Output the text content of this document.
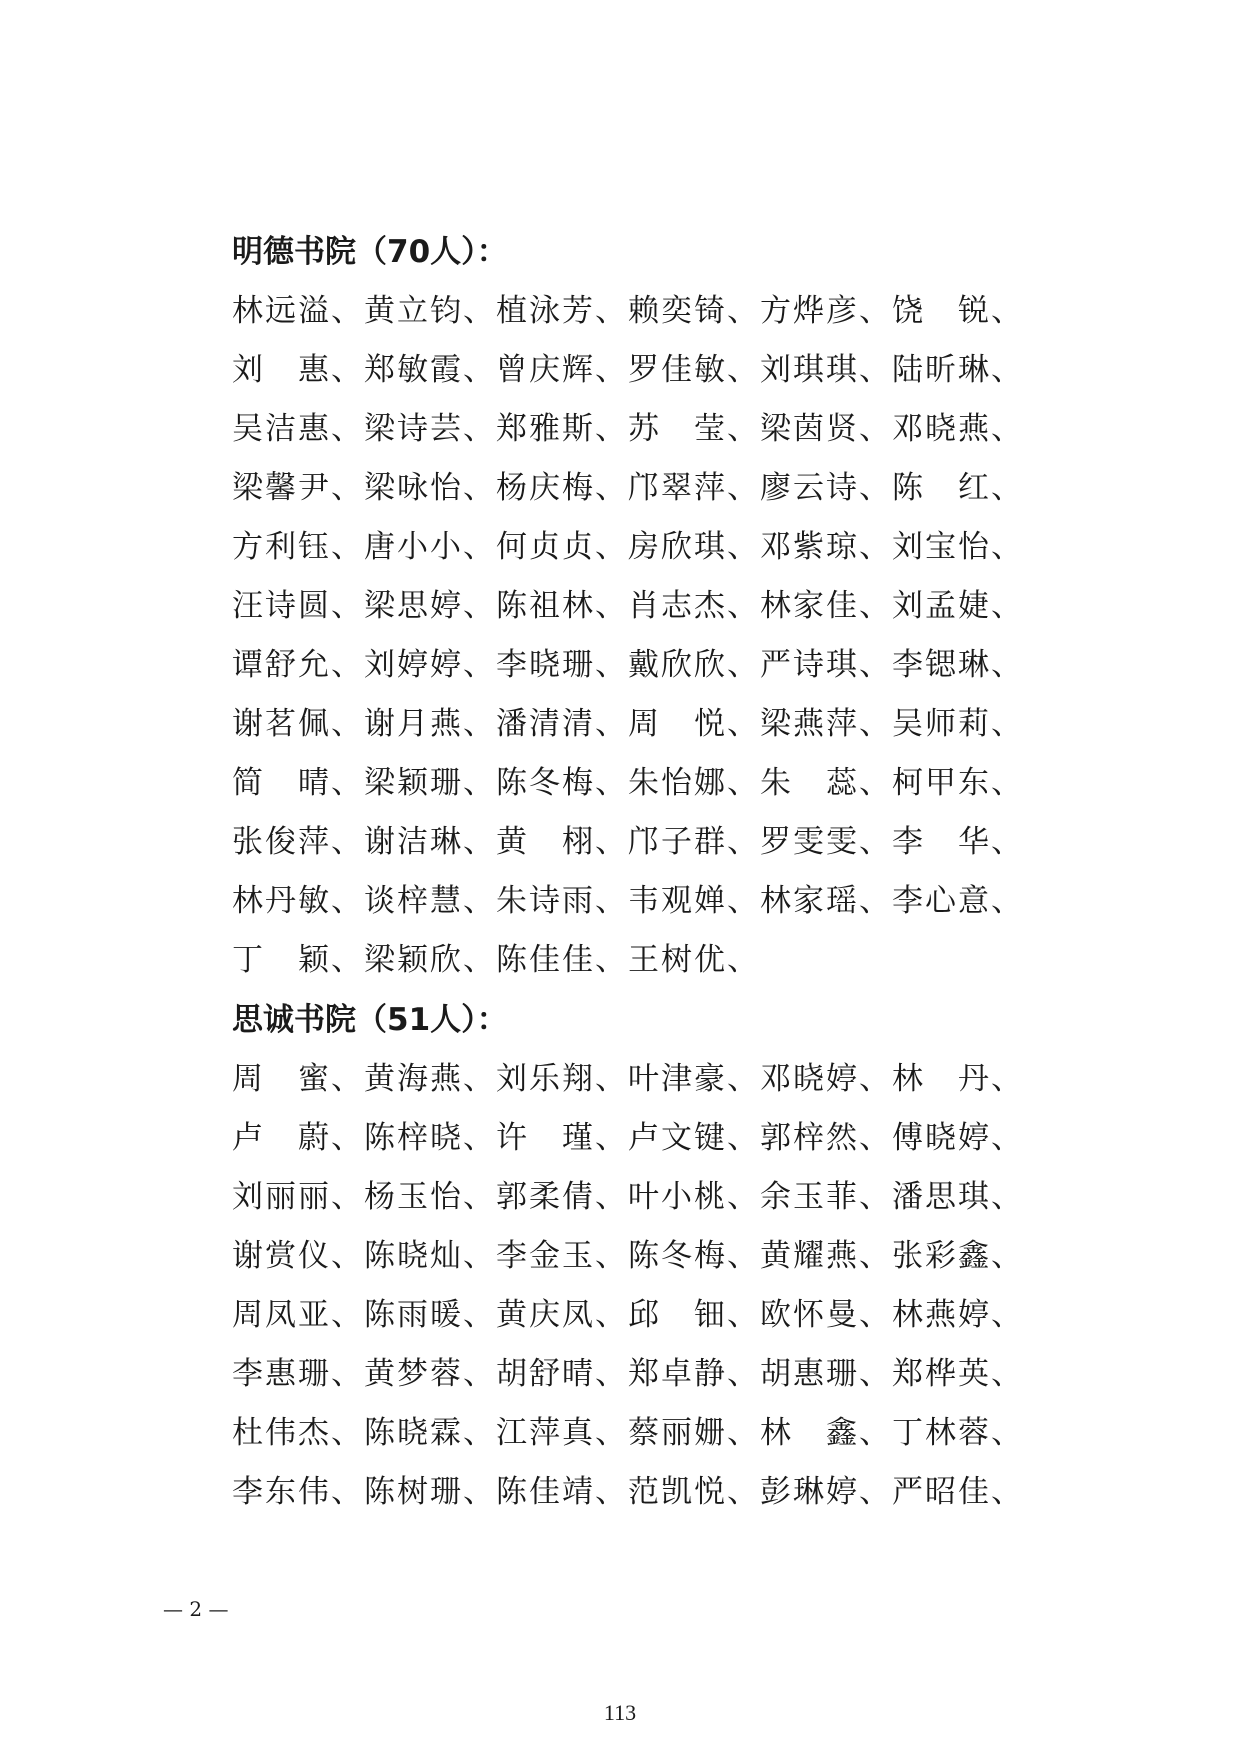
明德书院（70人）：
林远溢、黄立钧、植泳芳、赖奕锜、方烨彦、饶　锐、
刘　惠、郑敏霞、曾庆辉、罗佳敏、刘琪琪、陆昕琳、
吴洁惠、梁诗芸、郑雅斯、苏　莹、梁茵贤、邓晓燕、
梁馨尹、梁咏怡、杨庆梅、邝翠萍、廖云诗、陈　红、
方利钰、唐小小、何贞贞、房欣琪、邓紫琼、刘宝怡、
汪诗圆、梁思婷、陈祖林、肖志杰、林家佳、刘孟婕、
谭舒允、刘婷婷、李晓珊、戴欣欣、严诗琪、李锶琳、
谢茗佩、谢月燕、潘清清、周　悦、梁燕萍、吴师莉、
简　晴、梁颖珊、陈冬梅、朱怡娜、朱　蕊、柯甲东、
张俊萍、谢洁琳、黄　栩、邝子群、罗雯雯、李　华、
林丹敏、谈梓慧、朱诗雨、韦观婵、林家瑶、李心意、
丁　颖、梁颖欣、陈佳佳、王树优、
思诚书院（51人）：
周　蜜、黄海燕、刘乐翔、叶津豪、邓晓婷、林　丹、
卢　蔚、陈梓晓、许　瑾、卢文键、郭梓然、傅晓婷、
刘丽丽、杨玉怡、郭柔倩、叶小桃、余玉菲、潘思琪、
谢赏仪、陈晓灿、李金玉、陈冬梅、黄耀燕、张彩鑫、
周凤亚、陈雨暖、黄庆凤、邱　钿、欧怀曼、林燕婷、
李惠珊、黄梦蓉、胡舒晴、郑卓静、胡惠珊、郑桦英、
杜伟杰、陈晓霖、江萍真、蔡丽姗、林　鑫、丁林蓉、
李东伟、陈树珊、陈佳靖、范凯悦、彭琳婷、严昭佳、
— 2 —
113
